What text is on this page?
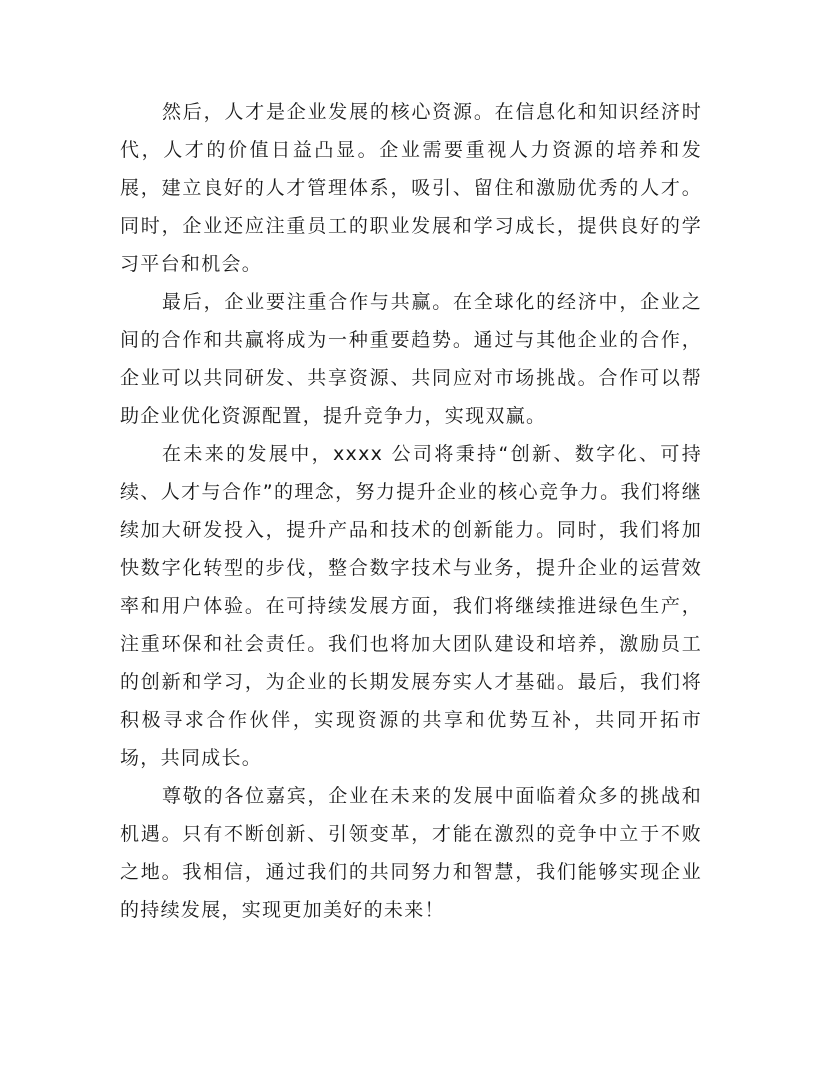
然后，人才是企业发展的核心资源。在信息化和知识经济时代，人才的价值日益凸显。企业需要重视人力资源的培养和发展，建立良好的人才管理体系，吸引、留住和激励优秀的人才。同时，企业还应注重员工的职业发展和学习成长，提供良好的学习平台和机会。

最后，企业要注重合作与共赢。在全球化的经济中，企业之间的合作和共赢将成为一种重要趋势。通过与其他企业的合作，企业可以共同研发、共享资源、共同应对市场挑战。合作可以帮助企业优化资源配置，提升竞争力，实现双赢。

在未来的发展中，xxxx 公司将秉持“创新、数字化、可持续、人才与合作”的理念，努力提升企业的核心竞争力。我们将继续加大研发投入，提升产品和技术的创新能力。同时，我们将加快数字化转型的步伐，整合数字技术与业务，提升企业的运营效率和用户体验。在可持续发展方面，我们将继续推进绿色生产，注重环保和社会责任。我们也将加大团队建设和培养，激励员工的创新和学习，为企业的长期发展夯实人才基础。最后，我们将积极寻求合作伙伴，实现资源的共享和优势互补，共同开拓市场，共同成长。

尊敬的各位嘉宾，企业在未来的发展中面临着众多的挑战和机遇。只有不断创新、引领变革，才能在激烈的竞争中立于不败之地。我相信，通过我们的共同努力和智慧，我们能够实现企业的持续发展，实现更加美好的未来！
